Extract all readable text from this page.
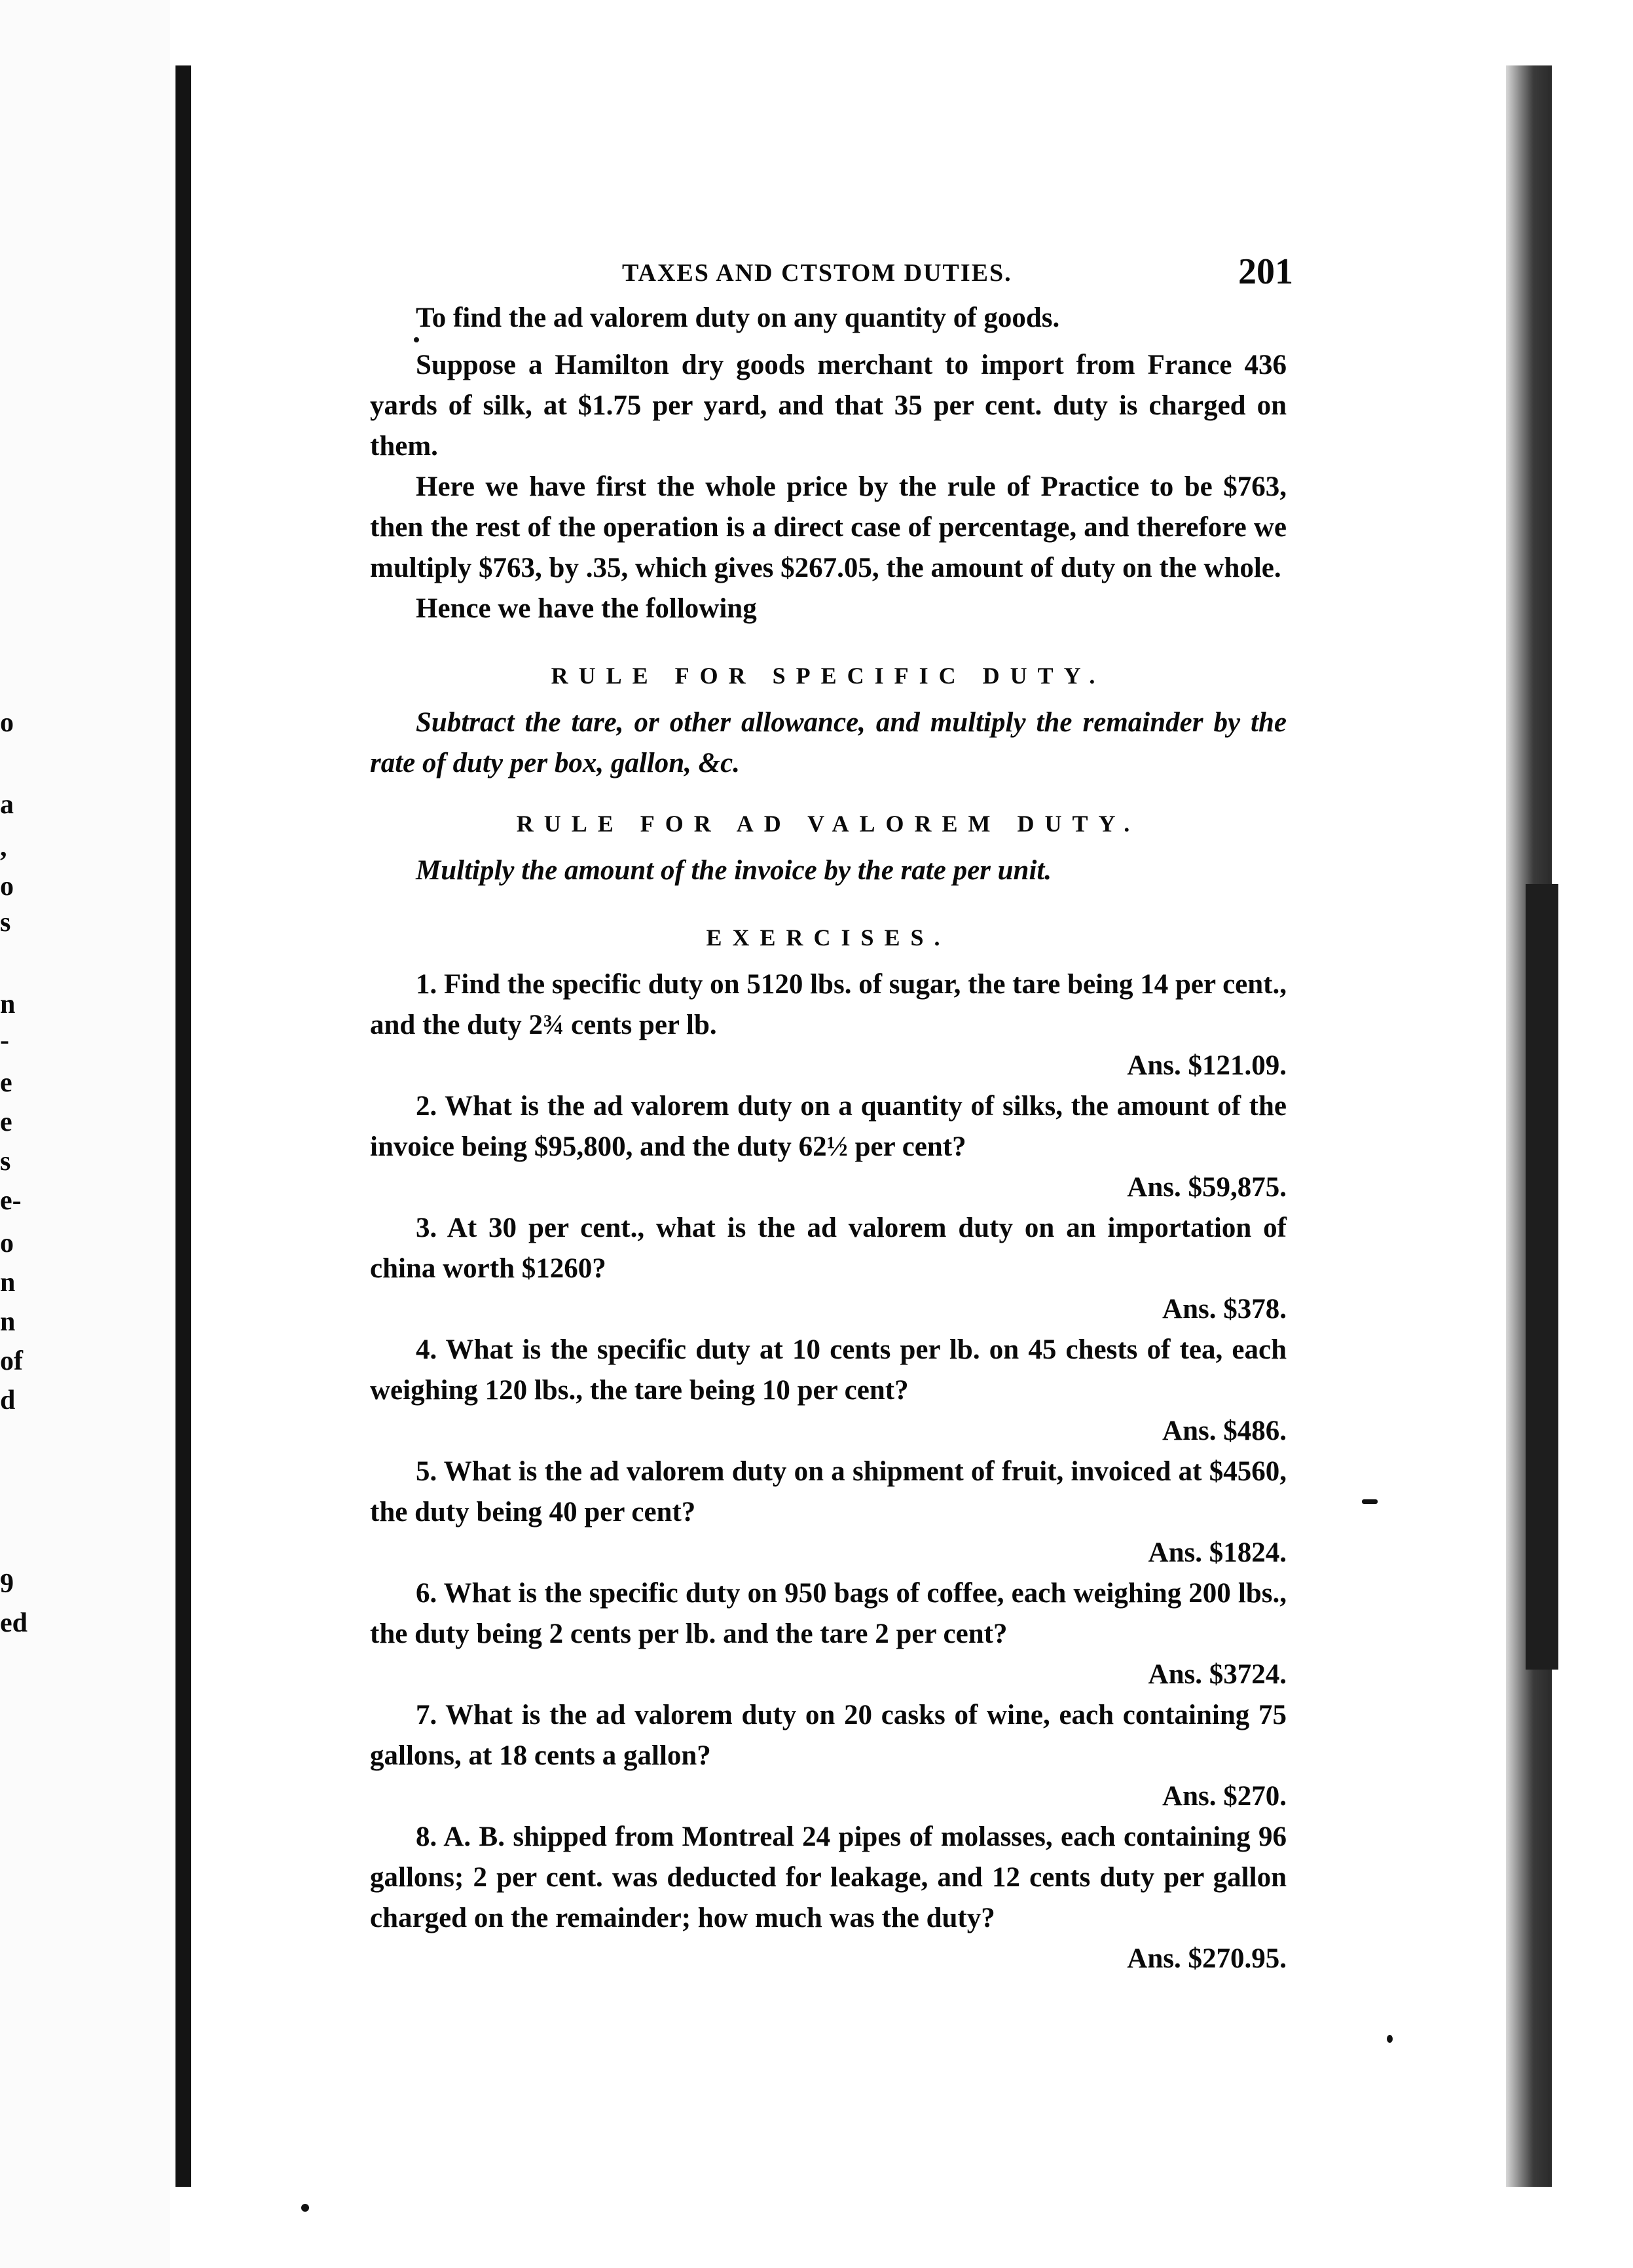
o
a
,
o
s
n
-
e
e
s
e-
o
n
n
of
d
9
ed
TAXES AND CTSTOM DUTIES.	201

To find the ad valorem duty on any quantity of goods.

Suppose a Hamilton dry goods merchant to import from France 436 yards of silk, at $1.75 per yard, and that 35 per cent. duty is charged on them.

Here we have first the whole price by the rule of Practice to be $763, then the rest of the operation is a direct case of percentage, and therefore we multiply $763, by .35, which gives $267.05, the amount of duty on the whole.

Hence we have the following

RULE FOR SPECIFIC DUTY.

Subtract the tare, or other allowance, and multiply the remainder by the rate of duty per box, gallon, &c.

RULE FOR AD VALOREM DUTY.

Multiply the amount of the invoice by the rate per unit.

EXERCISES.

1. Find the specific duty on 5120 lbs. of sugar, the tare being 14 per cent., and the duty 2¾ cents per lb.

Ans. $121.09.

2. What is the ad valorem duty on a quantity of silks, the amount of the invoice being $95,800, and the duty 62½ per cent?

Ans. $59,875.

3. At 30 per cent., what is the ad valorem duty on an importation of china worth $1260?

Ans. $378.

4. What is the specific duty at 10 cents per lb. on 45 chests of tea, each weighing 120 lbs., the tare being 10 per cent?

Ans. $486.

5. What is the ad valorem duty on a shipment of fruit, invoiced at $4560, the duty being 40 per cent?

Ans. $1824.

6. What is the specific duty on 950 bags of coffee, each weighing 200 lbs., the duty being 2 cents per lb. and the tare 2 per cent?

Ans. $3724.

7. What is the ad valorem duty on 20 casks of wine, each containing 75 gallons, at 18 cents a gallon?

Ans. $270.

8. A. B. shipped from Montreal 24 pipes of molasses, each containing 96 gallons; 2 per cent. was deducted for leakage, and 12 cents duty per gallon charged on the remainder; how much was the duty?

Ans. $270.95.
